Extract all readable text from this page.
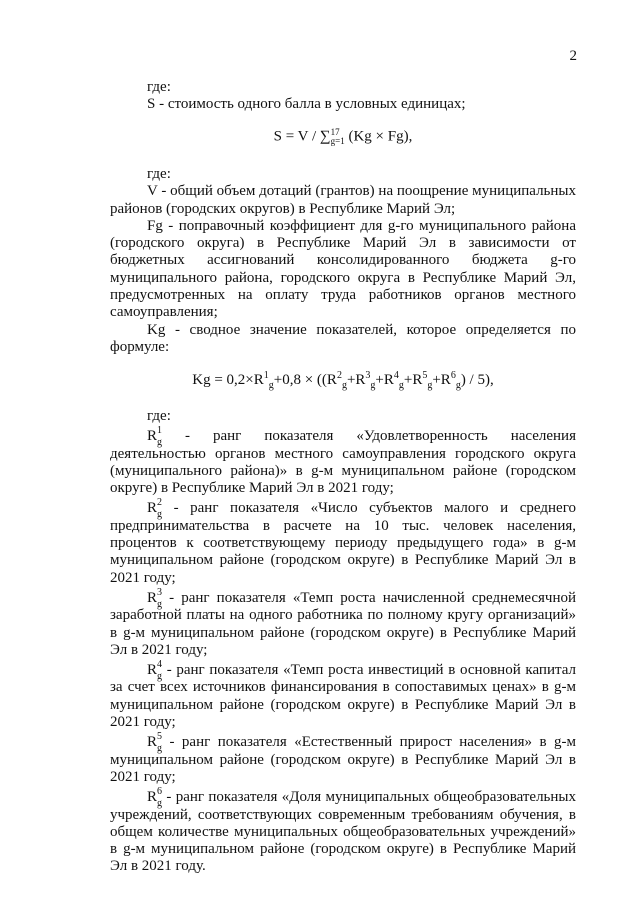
2

где:

S - стоимость одного балла в условных единицах;

S = V / ∑ 17
g=1 (Kg × Fg),

где:

V - общий объем дотаций (грантов) на поощрение муниципальных районов (городских округов) в Республике Марий Эл;

Fg - поправочный коэффициент для g-го муниципального района (городского округа) в Республике Марий Эл в зависимости от бюджетных ассигнований консолидированного бюджета g-го муниципального района, городского округа в Республике Марий Эл, предусмотренных на оплату труда работников органов местного самоуправления;

Kg - сводное значение показателей, которое определяется по формуле:

$Kg = 0,2\times R^1_g+0,8 \times ((R^2_g+R^3_g+R^4_g+R^5_g+R^6_g) / 5)$,

где:

$R^1_g$ - ранг показателя «Удовлетворенность населения деятельностью органов местного самоуправления городского округа (муниципального района)» в g-м муниципальном районе (городском округе) в Республике Марий Эл в 2021 году;

$R^2_g$ - ранг показателя «Число субъектов малого и среднего предпринимательства в расчете на 10 тыс. человек населения, процентов к соответствующему периоду предыдущего года» в g-м муниципальном районе (городском округе) в Республике Марий Эл в 2021 году;

$R^3_g$ - ранг показателя «Темп роста начисленной среднемесячной заработной платы на одного работника по полному кругу организаций» в g-м муниципальном районе (городском округе) в Республике Марий Эл в 2021 году;

$R^4_g$ - ранг показателя «Темп роста инвестиций в основной капитал за счет всех источников финансирования в сопоставимых ценах» в g-м муниципальном районе (городском округе) в Республике Марий Эл в 2021 году;

$R^5_g$ - ранг показателя «Естественный прирост населения» в g-м муниципальном районе (городском округе) в Республике Марий Эл в 2021 году;

$R^6_g$ - ранг показателя «Доля муниципальных общеобразовательных учреждений, соответствующих современным требованиям обучения, в общем количестве муниципальных общеобразовательных учреждений» в g-м муниципальном районе (городском округе) в Республике Марий Эл в 2021 году.
